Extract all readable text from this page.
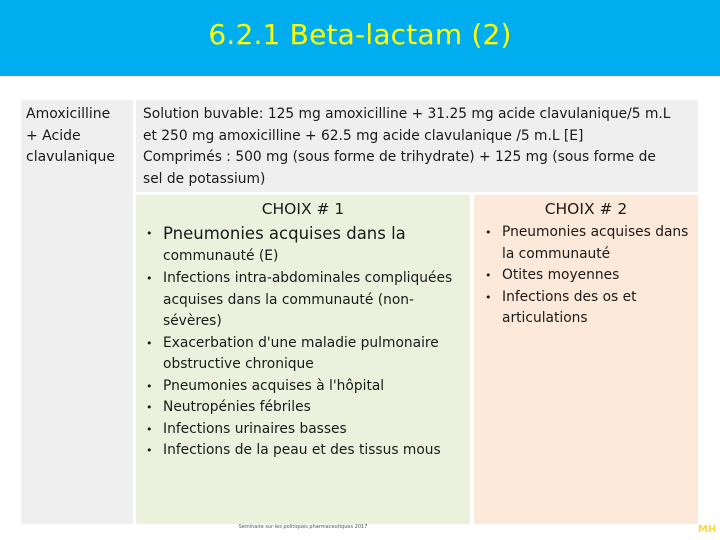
6.2.1 Beta-lactam (2)
Amoxicilline
+ Acide
clavulanique
Solution buvable: 125 mg amoxicilline + 31.25 mg acide clavulanique/5 m.L
et 250 mg amoxicilline + 62.5 mg acide clavulanique /5 m.L [E]
Comprimés : 500 mg (sous forme de trihydrate) + 125 mg (sous forme de
sel de potassium)
CHOIX # 1	CHOIX # 2
• Pneumonies acquises dans la
communauté (E)
• Infections intra-abdominales compliquées acquises dans la communauté (non-sévères)
• Exacerbation d'une maladie pulmonaire obstructive chronique
• Pneumonies acquises à l'hôpital
• Neutropénies fébriles
• Infections urinaires basses
• Infections de la peau et des tissus mous
• Pneumonies acquises dans la communauté
• Otites moyennes
• Infections des os et articulations
Séminaire sur les politiques pharmaceutiques 2017	MH
